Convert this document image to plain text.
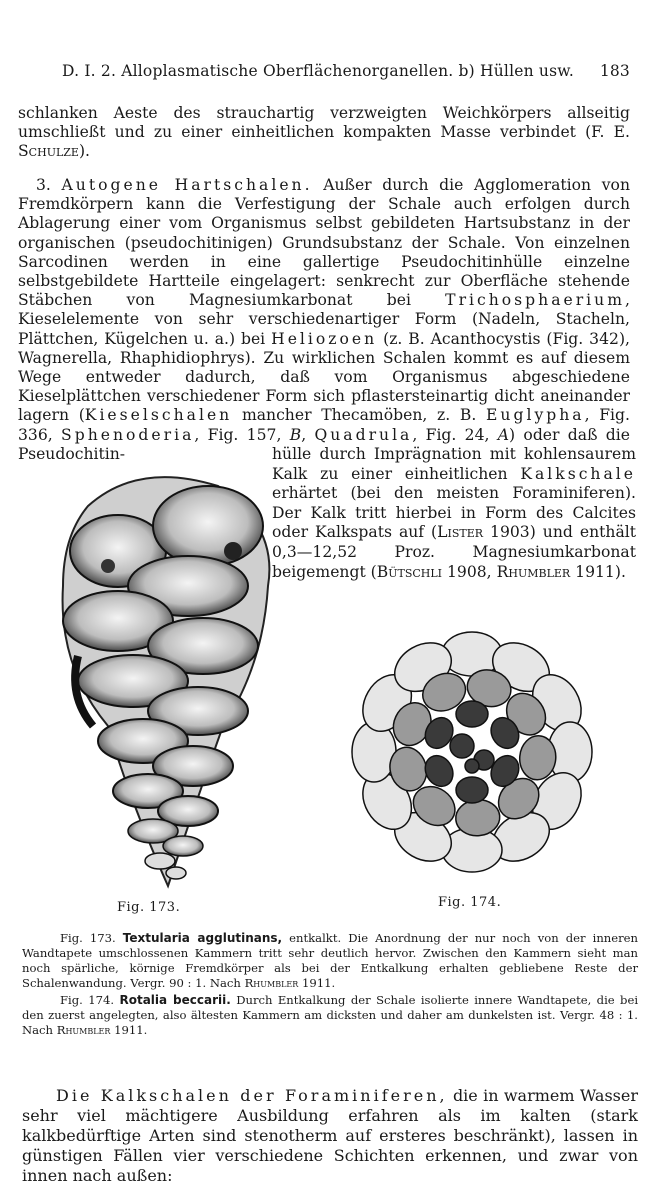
D. I. 2. Alloplasmatische Oberflächenorganellen. b) Hüllen usw. 183
schlanken Aeste des strauchartig verzweigten Weichkörpers allseitig umschließt und zu einer einheitlichen kompakten Masse verbindet (F. E. Schulze).
3. Autogene Hartschalen. Außer durch die Agglomeration von Fremdkörpern kann die Verfestigung der Schale auch erfolgen durch Ablagerung einer vom Organismus selbst gebildeten Hartsubstanz in der organischen (pseudochitinigen) Grundsubstanz der Schale. Von einzelnen Sarcodinen werden in eine gallertige Pseudochitinhülle einzelne selbstgebildete Hartteile eingelagert: senkrecht zur Oberfläche stehende Stäbchen von Magnesiumkarbonat bei Trichosphaerium, Kieselelemente von sehr verschiedenartiger Form (Nadeln, Stacheln, Plättchen, Kügelchen u. a.) bei Heliozoen (z. B. Acanthocystis (Fig. 342), Wagnerella, Rhaphidiophrys). Zu wirklichen Schalen kommt es auf diesem Wege entweder dadurch, daß vom Organismus abgeschiedene Kieselplättchen verschiedener Form sich pflastersteinartig dicht aneinander lagern (Kieselschalen mancher Thecamöben, z. B. Euglypha, Fig. 336, Sphenoderia, Fig. 157, B, Quadrula, Fig. 24, A) oder daß die Pseudochitin-	hülle durch Imprägnation mit kohlensaurem Kalk zu einer einheitlichen Kalkschale erhärtet (bei den meisten Foraminiferen). Der Kalk tritt hierbei in Form des Calcites oder Kalkspats auf (Lister 1903) und enthält 0,3—12,52 Proz. Magnesiumkarbonat beigemengt (Bütschli 1908, Rhumbler 1911).
Fig. 173.	Fig. 174.
Fig. 173. Textularia agglutinans, entkalkt. Die Anordnung der nur noch von der inneren Wandtapete umschlossenen Kammern tritt sehr deutlich hervor. Zwischen den Kammern sieht man noch spärliche, körnige Fremdkörper als bei der Entkalkung erhalten gebliebene Reste der Schalenwandung. Vergr. 90 : 1. Nach Rhumbler 1911.
Fig. 174. Rotalia beccarii. Durch Entkalkung der Schale isolierte innere Wandtapete, die bei den zuerst angelegten, also ältesten Kammern am dicksten und daher am dunkelsten ist. Vergr. 48 : 1. Nach Rhumbler 1911.
Die Kalkschalen der Foraminiferen, die in warmem Wasser sehr viel mächtigere Ausbildung erfahren als im kalten (stark kalkbedürftige Arten sind stenotherm auf ersteres beschränkt), lassen in günstigen Fällen vier verschiedene Schichten erkennen, und zwar von innen nach außen:
